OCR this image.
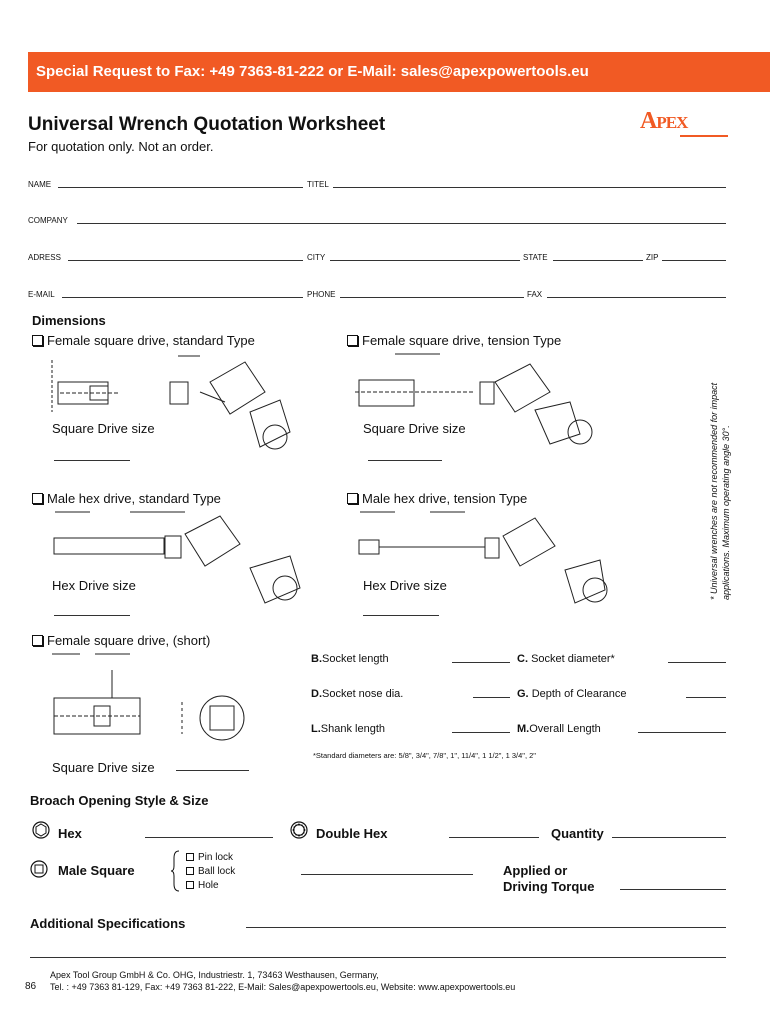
Special Request to Fax: +49 7363-81-222 or E-Mail: sales@apexpowertools.eu
Universal Wrench Quotation Worksheet
For quotation only. Not an order.
APEX
NAME	TITEL
COMPANY
ADRESS	CITY	STATE	ZIP
E-MAIL	PHONE	FAX
Dimensions
Female square drive, standard Type	Female square drive, tension Type
Square Drive size	Square Drive size	* Universal wrenches are not recommended for impact applications. Maximum operating angle 30°.
Male hex drive, standard Type	Male hex drive, tension Type
Hex Drive size	Hex Drive size
Female square drive, (short)
Square Drive size
B.Socket length	C. Socket diameter*
D.Socket nose dia.	G. Depth of Clearance
L.Shank length	M.Overall Length
*Standard diameters are: 5/8", 3/4", 7/8", 1", 11/4", 1 1/2", 1 3/4", 2"
Broach Opening Style & Size
Hex	Double Hex	Quantity
Male Square
Pin lock
Ball lock
Hole
Applied or
Driving Torque
Additional Specifications
Apex Tool Group GmbH & Co. OHG, Industriestr. 1, 73463 Westhausen, Germany,
Tel. : +49 7363 81-129, Fax: +49 7363 81-222, E-Mail: Sales@apexpowertools.eu, Website: www.apexpowertools.eu
86
